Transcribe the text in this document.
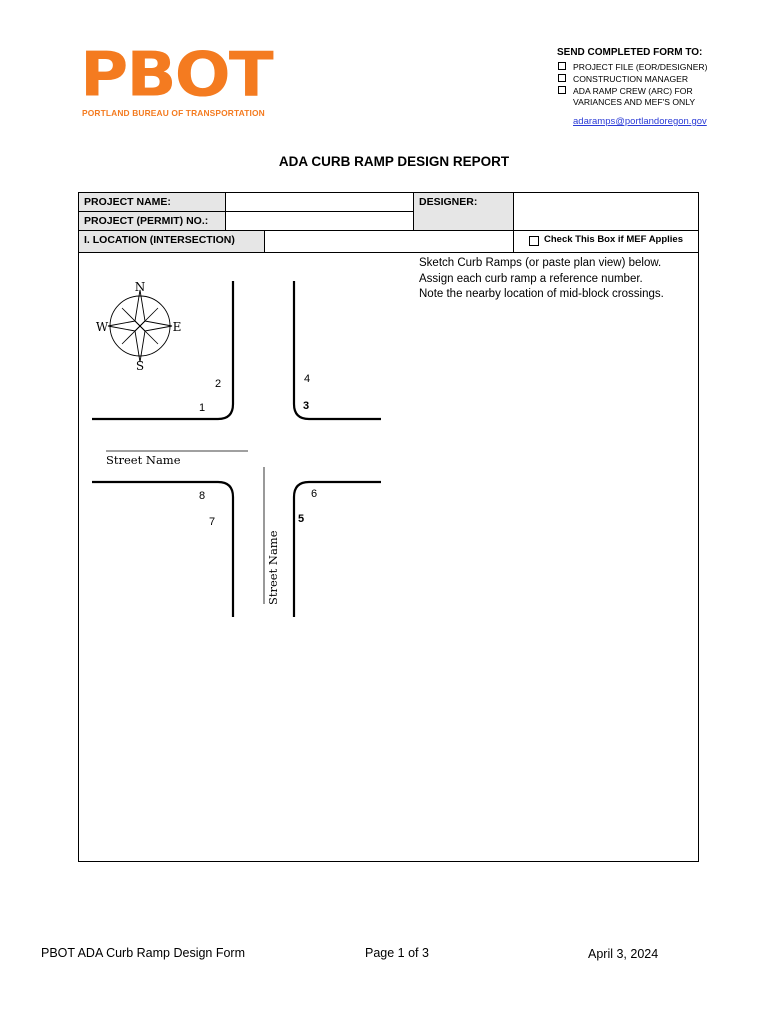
PBOT
PORTLAND BUREAU OF TRANSPORTATION
SEND COMPLETED FORM TO:
PROJECT FILE (EOR/DESIGNER)
CONSTRUCTION MANAGER
ADA RAMP CREW (ARC) FOR
VARIANCES AND MEF'S ONLY
adaramps@portlandoregon.gov
ADA CURB RAMP DESIGN REPORT
PROJECT NAME:	DESIGNER:
PROJECT (PERMIT) NO.:
I. LOCATION (INTERSECTION)	Check This Box if MEF Applies
Sketch Curb Ramps (or paste plan view) below.
Assign each curb ramp a reference number.
Note the nearby location of mid-block crossings.
N
S
W	E
Street Name
Street Name
1
2
3
4
5
6
7
8
PBOT ADA Curb Ramp Design Form	Page 1 of 3	April 3, 2024
